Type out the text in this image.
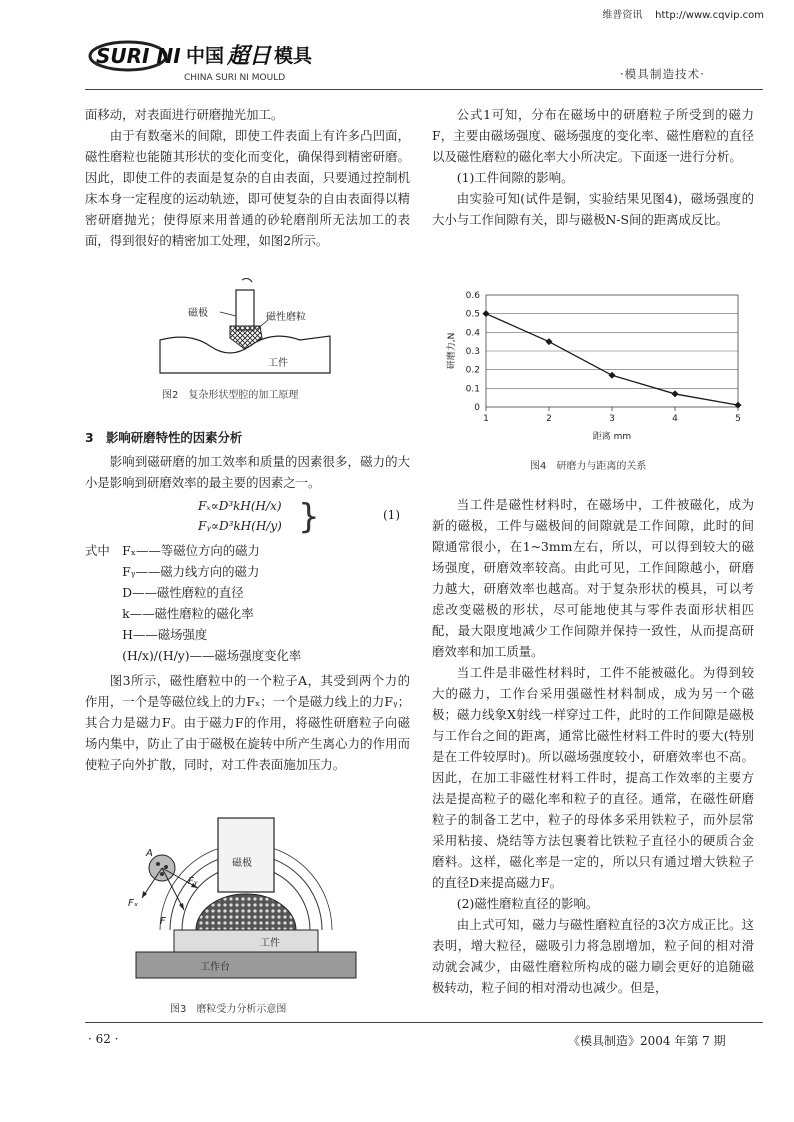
维普资讯 http://www.cqvip.com
SURI NI 中国 超日 模具
CHINA SURI NI MOULD	·模具制造技术·

面移动，对表面进行研磨抛光加工。

由于有数毫米的间隙，即使工件表面上有许多凸凹面，磁性磨粒也能随其形状的变化而变化，确保得到精密研磨。因此，即使工件的表面是复杂的自由表面，只要通过控制机床本身一定程度的运动轨迹，即可使复杂的自由表面得以精密研磨抛光；使得原来用普通的砂轮磨削所无法加工的表面，得到很好的精密加工处理，如图2所示。

磁极	磁性磨粒
工件
图2　复杂形状型腔的加工原理
3　影响研磨特性的因素分析

影响到磁研磨的加工效率和质量的因素很多，磁力的大小是影响到研磨效率的最主要的因素之一。

Fₓ∝D³kH(H/x)
Fᵧ∝D³kH(H/y) }	(1)
式中　Fₓ——等磁位方向的磁力
　　　Fᵧ——磁力线方向的磁力
　　　D——磁性磨粒的直径
　　　k——磁性磨粒的磁化率
　　　H——磁场强度
　　　(H/x)/(H/y)——磁场强度变化率

图3所示，磁性磨粒中的一个粒子A，其受到两个力的作用，一个是等磁位线上的力Fₓ；一个是磁力线上的力Fᵧ；其合力是磁力F。由于磁力F的作用，将磁性研磨粒子向磁场内集中，防止了由于磁极在旋转中所产生离心力的作用而使粒子向外扩散，同时，对工件表面施加压力。

A
Fₓ
Fᵧ
F
磁极
工件
工作台
图3　磨粒受力分析示意图

公式1可知，分布在磁场中的研磨粒子所受到的磁力F，主要由磁场强度、磁场强度的变化率、磁性磨粒的直径以及磁性磨粒的磁化率大小所决定。下面逐一进行分析。

(1)工件间隙的影响。

由实验可知(试件是铜，实验结果见图4)，磁场强度的大小与工作间隙有关，即与磁极N-S间的距离成反比。

0
0.1
0.2
0.3
0.4
0.5
0.6
1	2	3	4	5
距离 mm
研磨力,N
图4　研磨力与距离的关系

当工件是磁性材料时，在磁场中，工件被磁化，成为新的磁极，工件与磁极间的间隙就是工作间隙，此时的间隙通常很小，在1~3mm左右，所以，可以得到较大的磁场强度，研磨效率较高。由此可见，工作间隙越小，研磨力越大，研磨效率也越高。对于复杂形状的模具，可以考虑改变磁极的形状，尽可能地使其与零件表面形状相匹配，最大限度地减少工作间隙并保持一致性，从而提高研磨效率和加工质量。

当工件是非磁性材料时，工件不能被磁化。为得到较大的磁力，工作台采用强磁性材料制成，成为另一个磁极；磁力线象X射线一样穿过工件，此时的工作间隙是磁极与工作台之间的距离，通常比磁性材料工件时的要大(特别是在工件较厚时)。所以磁场强度较小，研磨效率也不高。因此，在加工非磁性材料工件时，提高工作效率的主要方法是提高粒子的磁化率和粒子的直径。通常，在磁性研磨粒子的制备工艺中，粒子的母体多采用铁粒子，而外层常采用粘接、烧结等方法包裹着比铁粒子直径小的硬质合金磨料。这样，磁化率是一定的，所以只有通过增大铁粒子的直径D来提高磁力F。

(2)磁性磨粒直径的影响。

由上式可知，磁力与磁性磨粒直径的3次方成正比。这表明，增大粒径，磁吸引力将急剧增加，粒子间的相对滑动就会减少，由磁性磨粒所构成的磁力刷会更好的追随磁极转动，粒子间的相对滑动也减少。但是，

· 62 ·	《模具制造》2004 年第 7 期
